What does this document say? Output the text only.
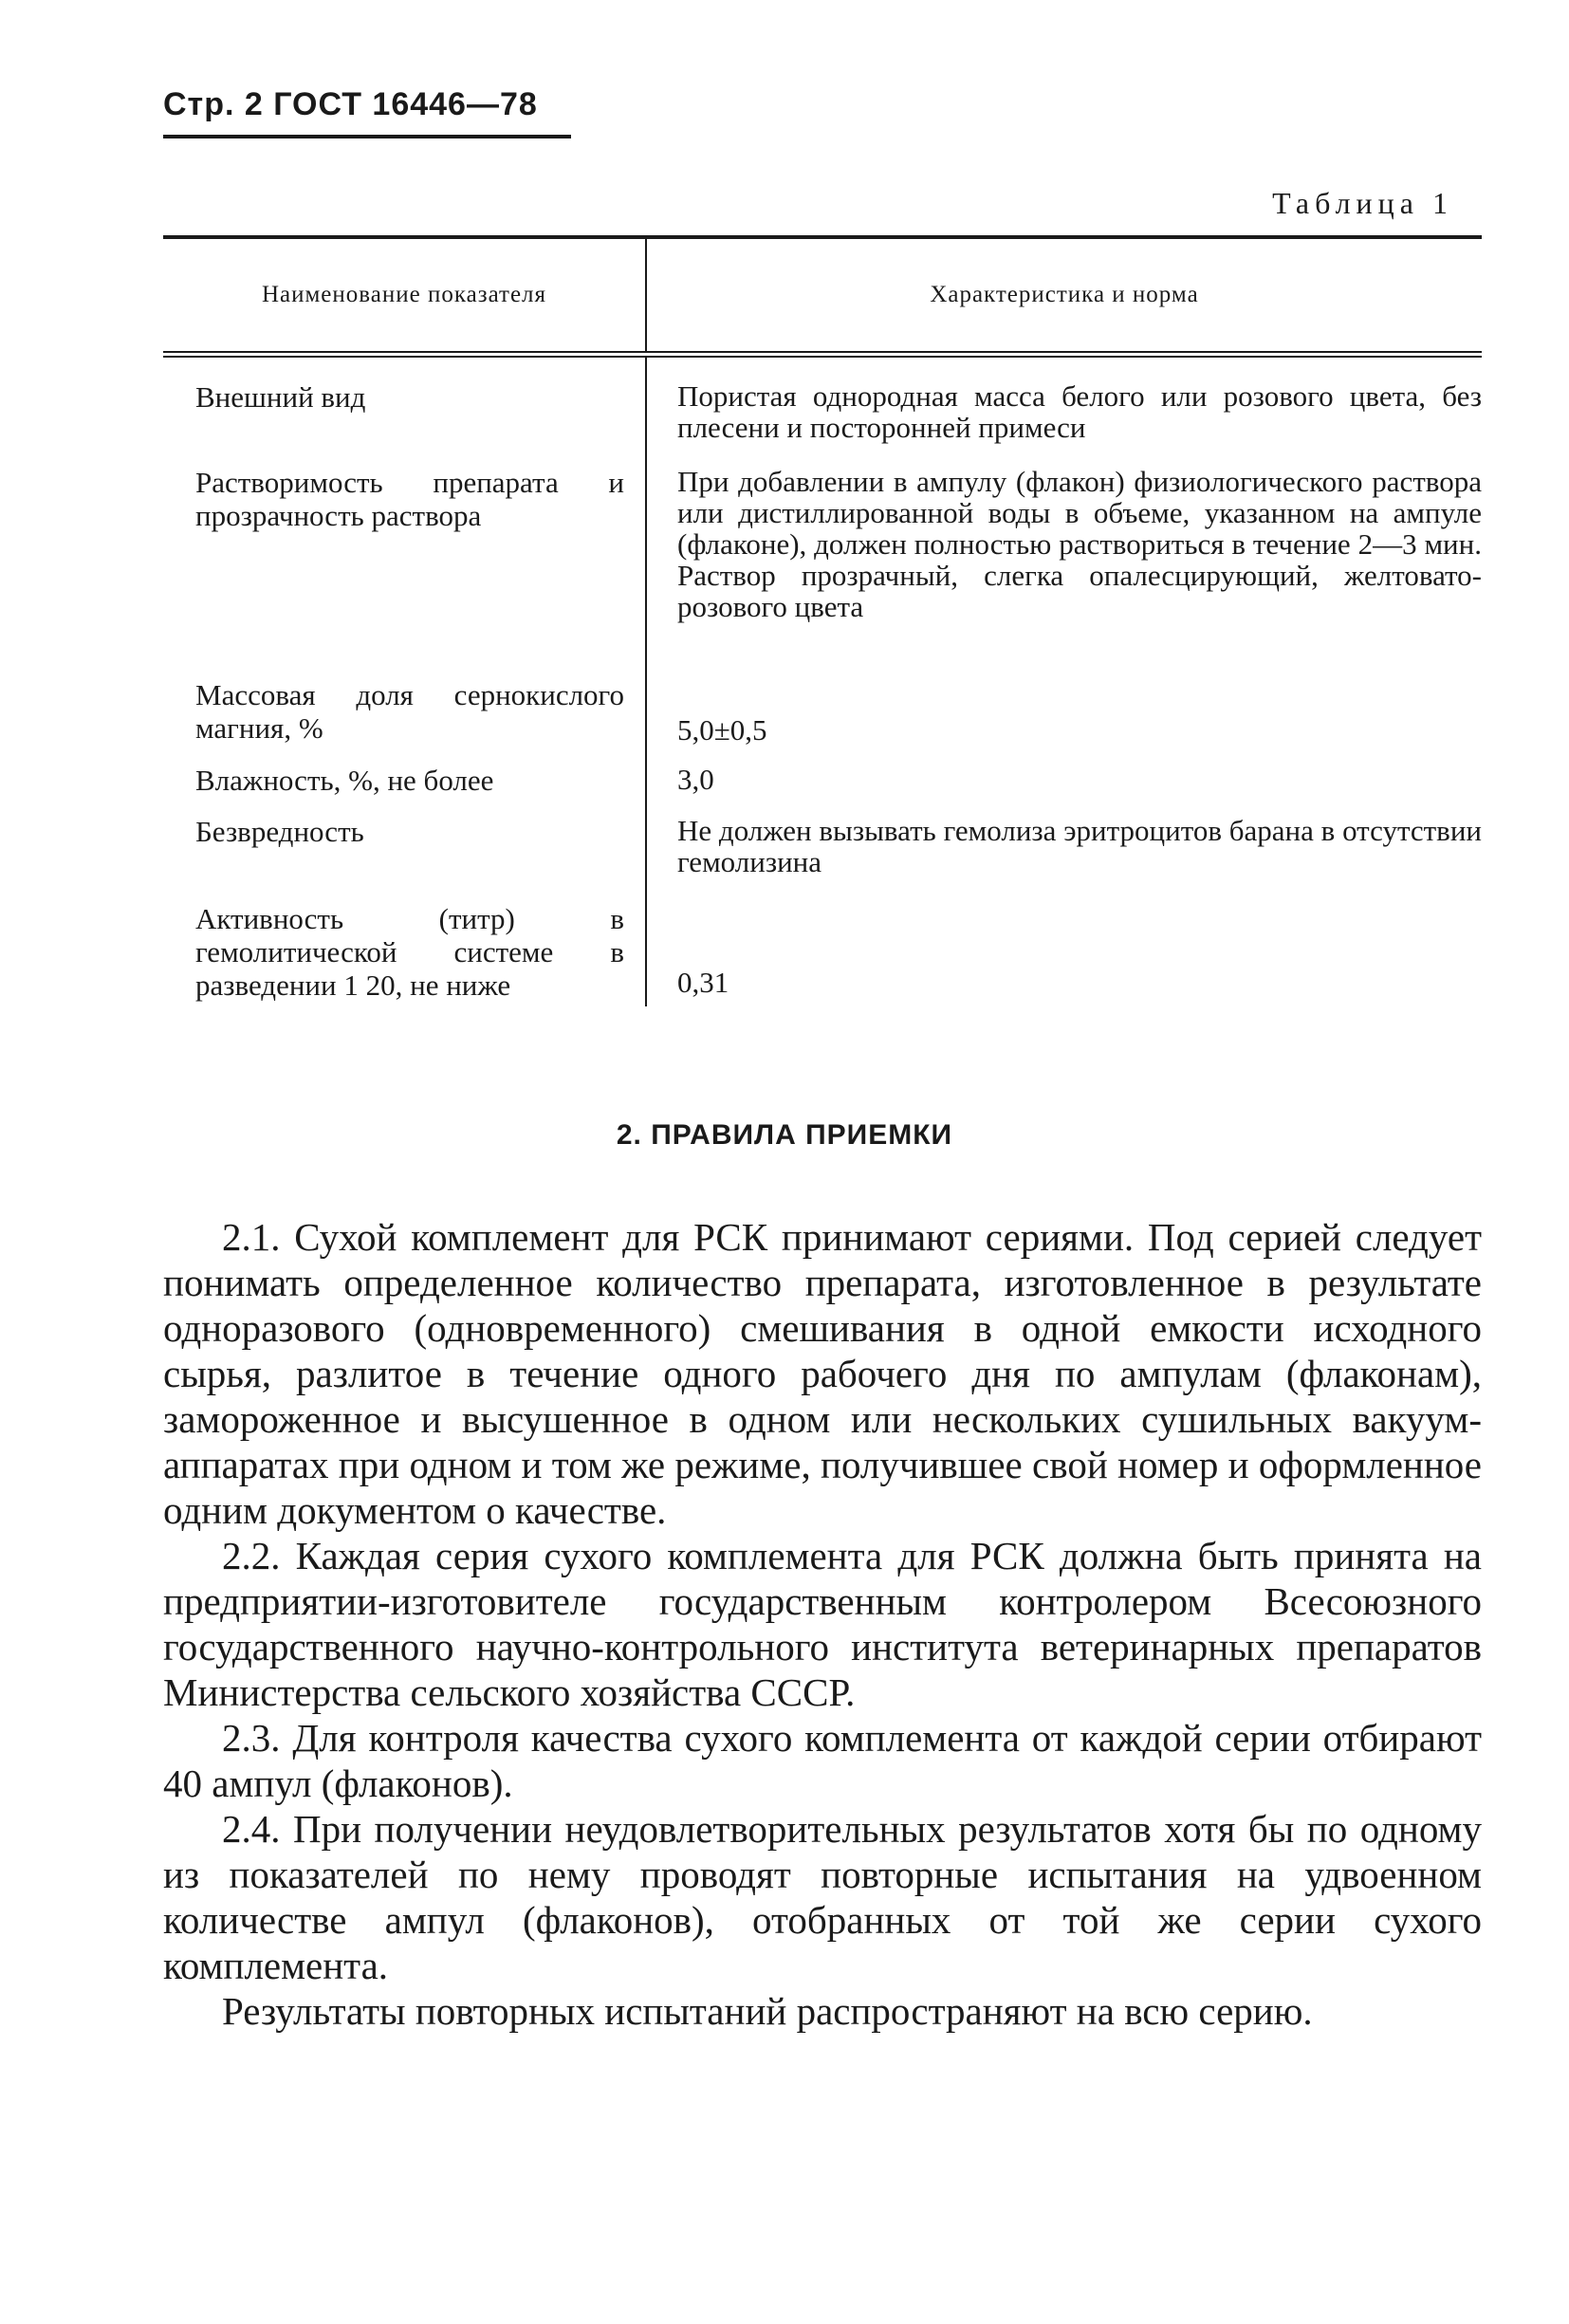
Стр. 2 ГОСТ 16446—78
Таблица 1
Наименование показателя	Характеристика и норма
Внешний вид
Растворимость препарата и прозрачность раствора
Массовая доля сернокислого магния, %
Влажность, %, не более
Безвредность
Активность (титр) в гемолитической системе в разведении 1 20, не ниже
Пористая однородная масса белого или розового цвета, без плесени и посторонней примеси
При добавлении в ампулу (флакон) физиологического раствора или дистиллированной воды в объеме, указанном на ампуле (флаконе), должен полностью раствориться в течение 2—3 мин. Раствор прозрачный, слегка опалесцирующий, желтовато-розового цвета
5,0±0,5
3,0
Не должен вызывать гемолиза эритроцитов барана в отсутствии гемолизина
0,31
2. ПРАВИЛА ПРИЕМКИ

2.1. Сухой комплемент для РСК принимают сериями. Под серией следует понимать определенное количество препарата, изготовленное в результате одноразового (одновременного) смешивания в одной емкости исходного сырья, разлитое в течение одного рабочего дня по ампулам (флаконам), замороженное и высушенное в одном или нескольких сушильных вакуум-аппаратах при одном и том же режиме, получившее свой номер и оформленное одним документом о качестве.

2.2. Каждая серия сухого комплемента для РСК должна быть принята на предприятии-изготовителе государственным контролером Всесоюзного государственного научно-контрольного института ветеринарных препаратов Министерства сельского хозяйства СССР.

2.3. Для контроля качества сухого комплемента от каждой серии отбирают 40 ампул (флаконов).

2.4. При получении неудовлетворительных результатов хотя бы по одному из показателей по нему проводят повторные испытания на удвоенном количестве ампул (флаконов), отобранных от той же серии сухого комплемента.

Результаты повторных испытаний распространяют на всю серию.
